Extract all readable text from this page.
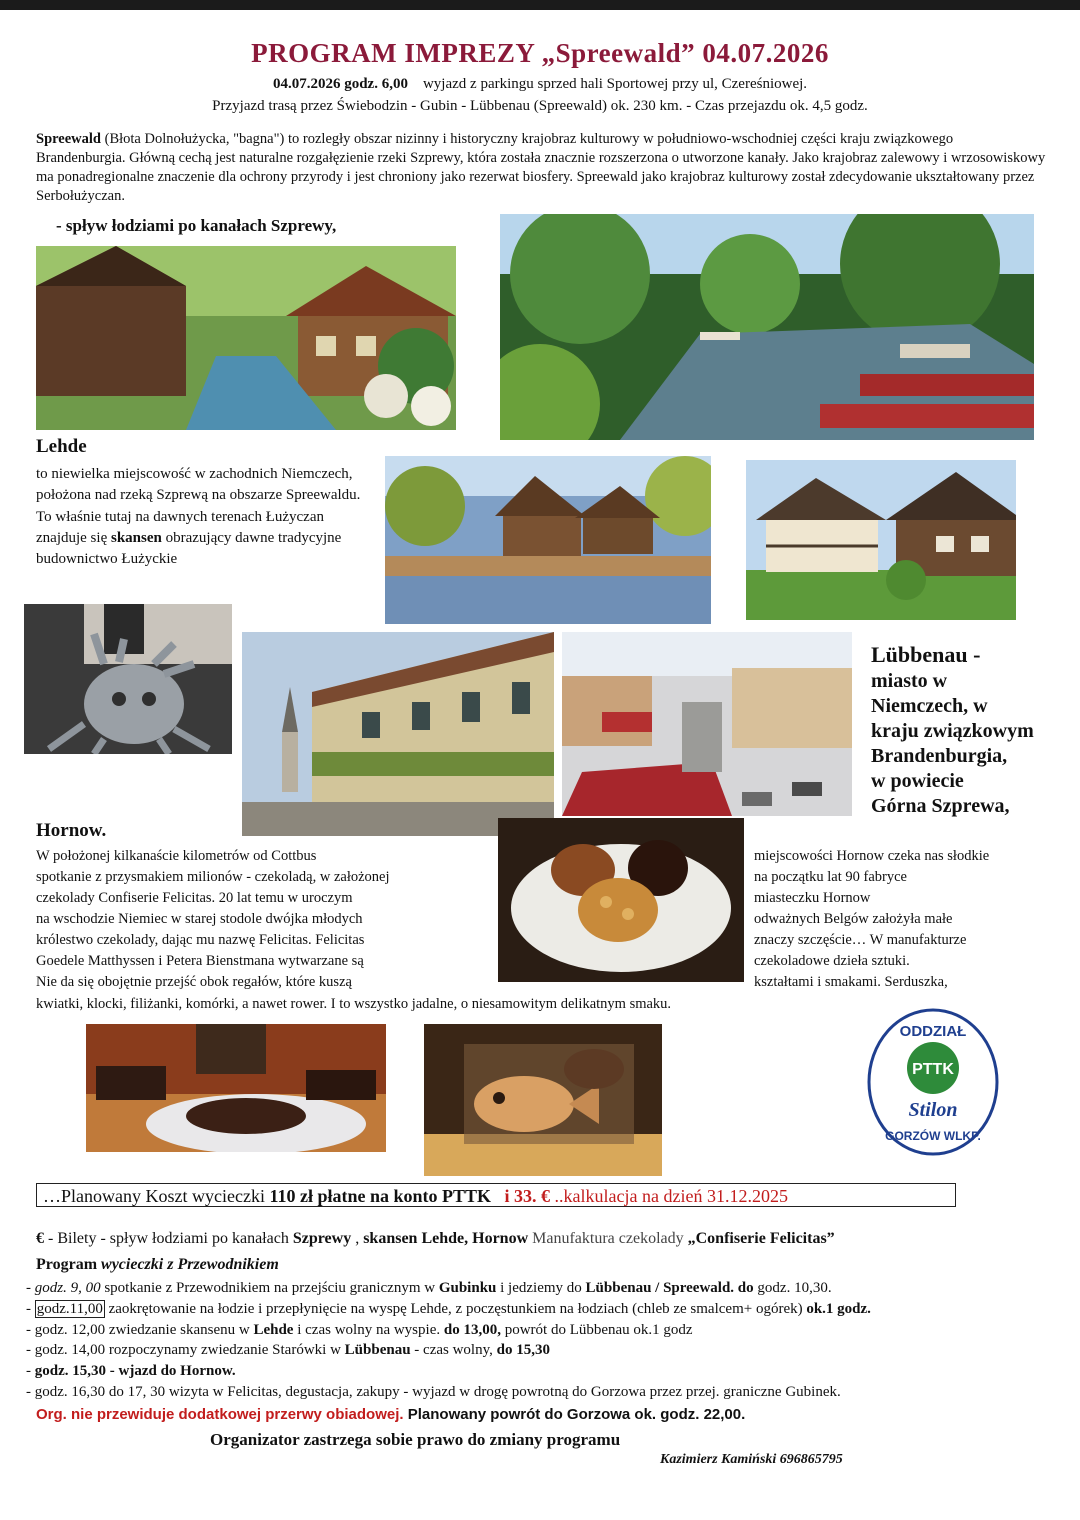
PROGRAM IMPREZY „Spreewald” 04.07.2026
04.07.2026 godz. 6,00 wyjazd z parkingu sprzed hali Sportowej przy ul, Czereśniowej.
Przyjazd trasą przez Świebodzin - Gubin - Lübbenau (Spreewald) ok. 230 km. - Czas przejazdu ok. 4,5 godz.
Spreewald (Błota Dolnołużycka, "bagna") to rozległy obszar nizinny i historyczny krajobraz kulturowy w południowo-wschodniej części kraju związkowego Brandenburgia. Główną cechą jest naturalne rozgałęzienie rzeki Szprewy, która została znacznie rozszerzona o utworzone kanały. Jako krajobraz zalewowy i wrzosowiskowy ma ponadregionalne znaczenie dla ochrony przyrody i jest chroniony jako rezerwat biosfery. Spreewald jako krajobraz kulturowy został zdecydowanie ukształtowany przez Serbołużyczan.
- spływ łodziami po kanałach Szprewy,
Lehde
to niewielka miejscowość w zachodnich Niemczech, położona nad rzeką Szprewą na obszarze Spreewaldu. To właśnie tutaj na dawnych terenach Łużyczan znajduje się skansen obrazujący dawne tradycyjne budownictwo Łużyckie
Lübbenau -
miasto w
Niemczech, w
kraju związkowym
Brandenburgia,
w powiecie
Górna Szprewa,
Hornow.
W położonej kilkanaście kilometrów od Cottbus
spotkanie z przysmakiem milionów - czekoladą, w założonej
czekolady Confiserie Felicitas. 20 lat temu w uroczym
na wschodzie Niemiec w starej stodole dwójka młodych
królestwo czekolady, dając mu nazwę Felicitas. Felicitas
Goedele Matthyssen i Petera Bienstmana wytwarzane są
Nie da się obojętnie przejść obok regałów, które kuszą
miejscowości Hornow czeka nas słodkie
na początku lat 90 fabryce
miasteczku Hornow
odważnych Belgów założyła małe
znaczy szczęście… W manufakturze
czekoladowe dzieła sztuki.
kształtami i smakami. Serduszka,
kwiatki, klocki, filiżanki, komórki, a nawet rower. I to wszystko jadalne, o niesamowitym delikatnym smaku.
ODDZIAŁ
PTTK
Stilon
GORZÓW WLKP.
…Planowany Koszt wycieczki 110 zł płatne na konto PTTK i 33. € ..kalkulacja na dzień 31.12.2025
€ - Bilety - spływ łodziami po kanałach Szprewy , skansen Lehde, Hornow Manufaktura czekolady „Confiserie Felicitas”
Program wycieczki z Przewodnikiem
- godz. 9, 00 spotkanie z Przewodnikiem na przejściu granicznym w Gubinku i jedziemy do Lübbenau / Spreewald. do godz. 10,30.
- godz.11,00 zaokrętowanie na łodzie i przepłynięcie na wyspę Lehde, z poczęstunkiem na łodziach (chleb ze smalcem+ ogórek) ok.1 godz.
- godz. 12,00 zwiedzanie skansenu w Lehde i czas wolny na wyspie. do 13,00, powrót do Lübbenau ok.1 godz
- godz. 14,00 rozpoczynamy zwiedzanie Starówki w Lübbenau - czas wolny, do 15,30
- godz. 15,30 - wjazd do Hornow.
- godz. 16,30 do 17, 30 wizyta w Felicitas, degustacja, zakupy - wyjazd w drogę powrotną do Gorzowa przez przej. graniczne Gubinek.
Org. nie przewiduje dodatkowej przerwy obiadowej. Planowany powrót do Gorzowa ok. godz. 22,00.
Organizator zastrzega sobie prawo do zmiany programu
Kazimierz Kamiński 696865795
